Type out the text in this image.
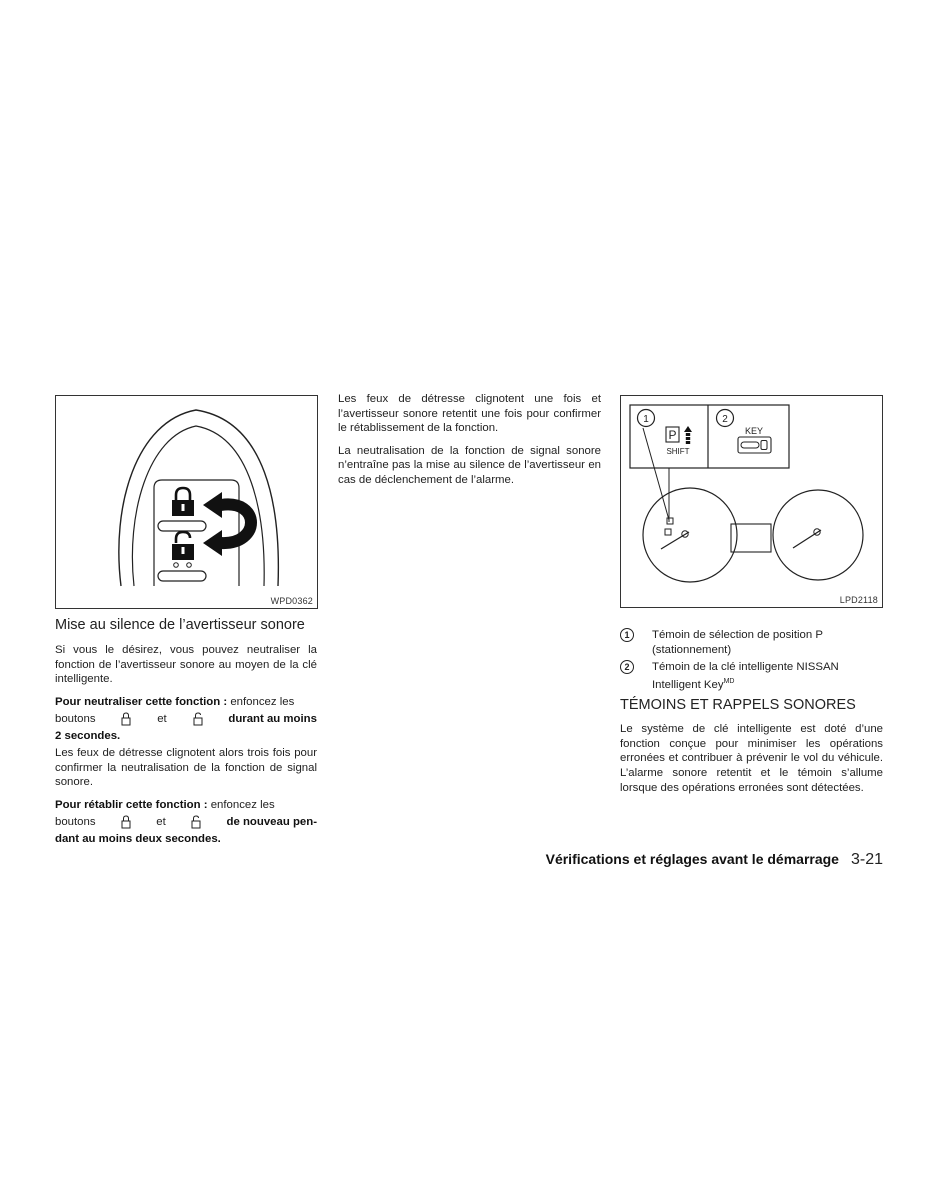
WPD0362

Mise au silence de l’avertisseur sonore

Si vous le désirez, vous pouvez neutraliser la fonction de l’avertisseur sonore au moyen de la clé intelligente.

Pour neutraliser cette fonction : enfoncez les

boutons	et	durant au moins

2 secondes.

Les feux de détresse clignotent alors trois fois pour confirmer la neutralisation de la fonction de signal sonore.

Pour rétablir cette fonction : enfoncez les

boutons	et	de nouveau pen-

dant au moins deux secondes.

Les feux de détresse clignotent une fois et l’avertisseur sonore retentit une fois pour confirmer le rétablissement de la fonction.

La neutralisation de la fonction de signal sonore n’entraîne pas la mise au silence de l’avertisseur en cas de déclenchement de l’alarme.

1	2
P
SHIFT
KEY
LPD2118
1	Témoin de sélection de position P (stationnement)
2	Témoin de la clé intelligente NISSAN Intelligent Key$^{MD}$

TÉMOINS ET RAPPELS SONORES

Le système de clé intelligente est doté d’une fonction conçue pour minimiser les opérations erronées et contribuer à prévenir le vol du véhicule. L’alarme sonore retentit et le témoin s’allume lorsque des opérations erronées sont détectées.

Vérifications et réglages avant le démarrage 3-21
